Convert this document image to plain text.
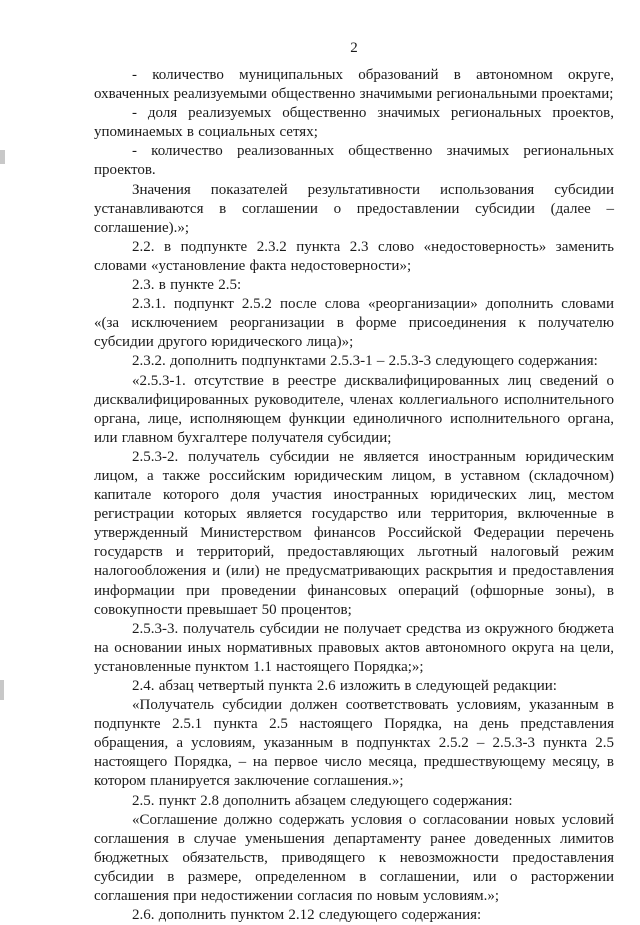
2

- количество муниципальных образований в автономном округе, охваченных реализуемыми общественно значимыми региональными проектами;

- доля реализуемых общественно значимых региональных проектов, упоминаемых в социальных сетях;

- количество реализованных общественно значимых региональных проектов.

Значения показателей результативности использования субсидии устанавливаются в соглашении о предоставлении субсидии (далее – соглашение).»;

2.2. в подпункте 2.3.2 пункта 2.3 слово «недостоверность» заменить словами «установление факта недостоверности»;

2.3. в пункте 2.5:

2.3.1. подпункт 2.5.2 после слова «реорганизации» дополнить словами «(за исключением реорганизации в форме присоединения к получателю субсидии другого юридического лица)»;

2.3.2. дополнить подпунктами 2.5.3-1 – 2.5.3-3 следующего содержания:

«2.5.3-1. отсутствие в реестре дисквалифицированных лиц сведений о дисквалифицированных руководителе, членах коллегиального исполнительного органа, лице, исполняющем функции единоличного исполнительного органа, или главном бухгалтере получателя субсидии;

2.5.3-2. получатель субсидии не является иностранным юридическим лицом, а также российским юридическим лицом, в уставном (складочном) капитале которого доля участия иностранных юридических лиц, местом регистрации которых является государство или территория, включенные в утвержденный Министерством финансов Российской Федерации перечень государств и территорий, предоставляющих льготный налоговый режим налогообложения и (или) не предусматривающих раскрытия и предоставления информации при проведении финансовых операций (офшорные зоны), в совокупности превышает 50 процентов;

2.5.3-3. получатель субсидии не получает средства из окружного бюджета на основании иных нормативных правовых актов автономного округа на цели, установленные пунктом 1.1 настоящего Порядка;»;

2.4. абзац четвертый пункта 2.6 изложить в следующей редакции:

«Получатель субсидии должен соответствовать условиям, указанным в подпункте 2.5.1 пункта 2.5 настоящего Порядка, на день представления обращения, а условиям, указанным в подпунктах 2.5.2 – 2.5.3-3 пункта 2.5 настоящего Порядка, – на первое число месяца, предшествующему месяцу, в котором планируется заключение соглашения.»;

2.5. пункт 2.8 дополнить абзацем следующего содержания:

«Соглашение должно содержать условия о согласовании новых условий соглашения в случае уменьшения департаменту ранее доведенных лимитов бюджетных обязательств, приводящего к невозможности предоставления субсидии в размере, определенном в соглашении, или о расторжении соглашения при недостижении согласия по новым условиям.»;

2.6. дополнить пунктом 2.12 следующего содержания:
